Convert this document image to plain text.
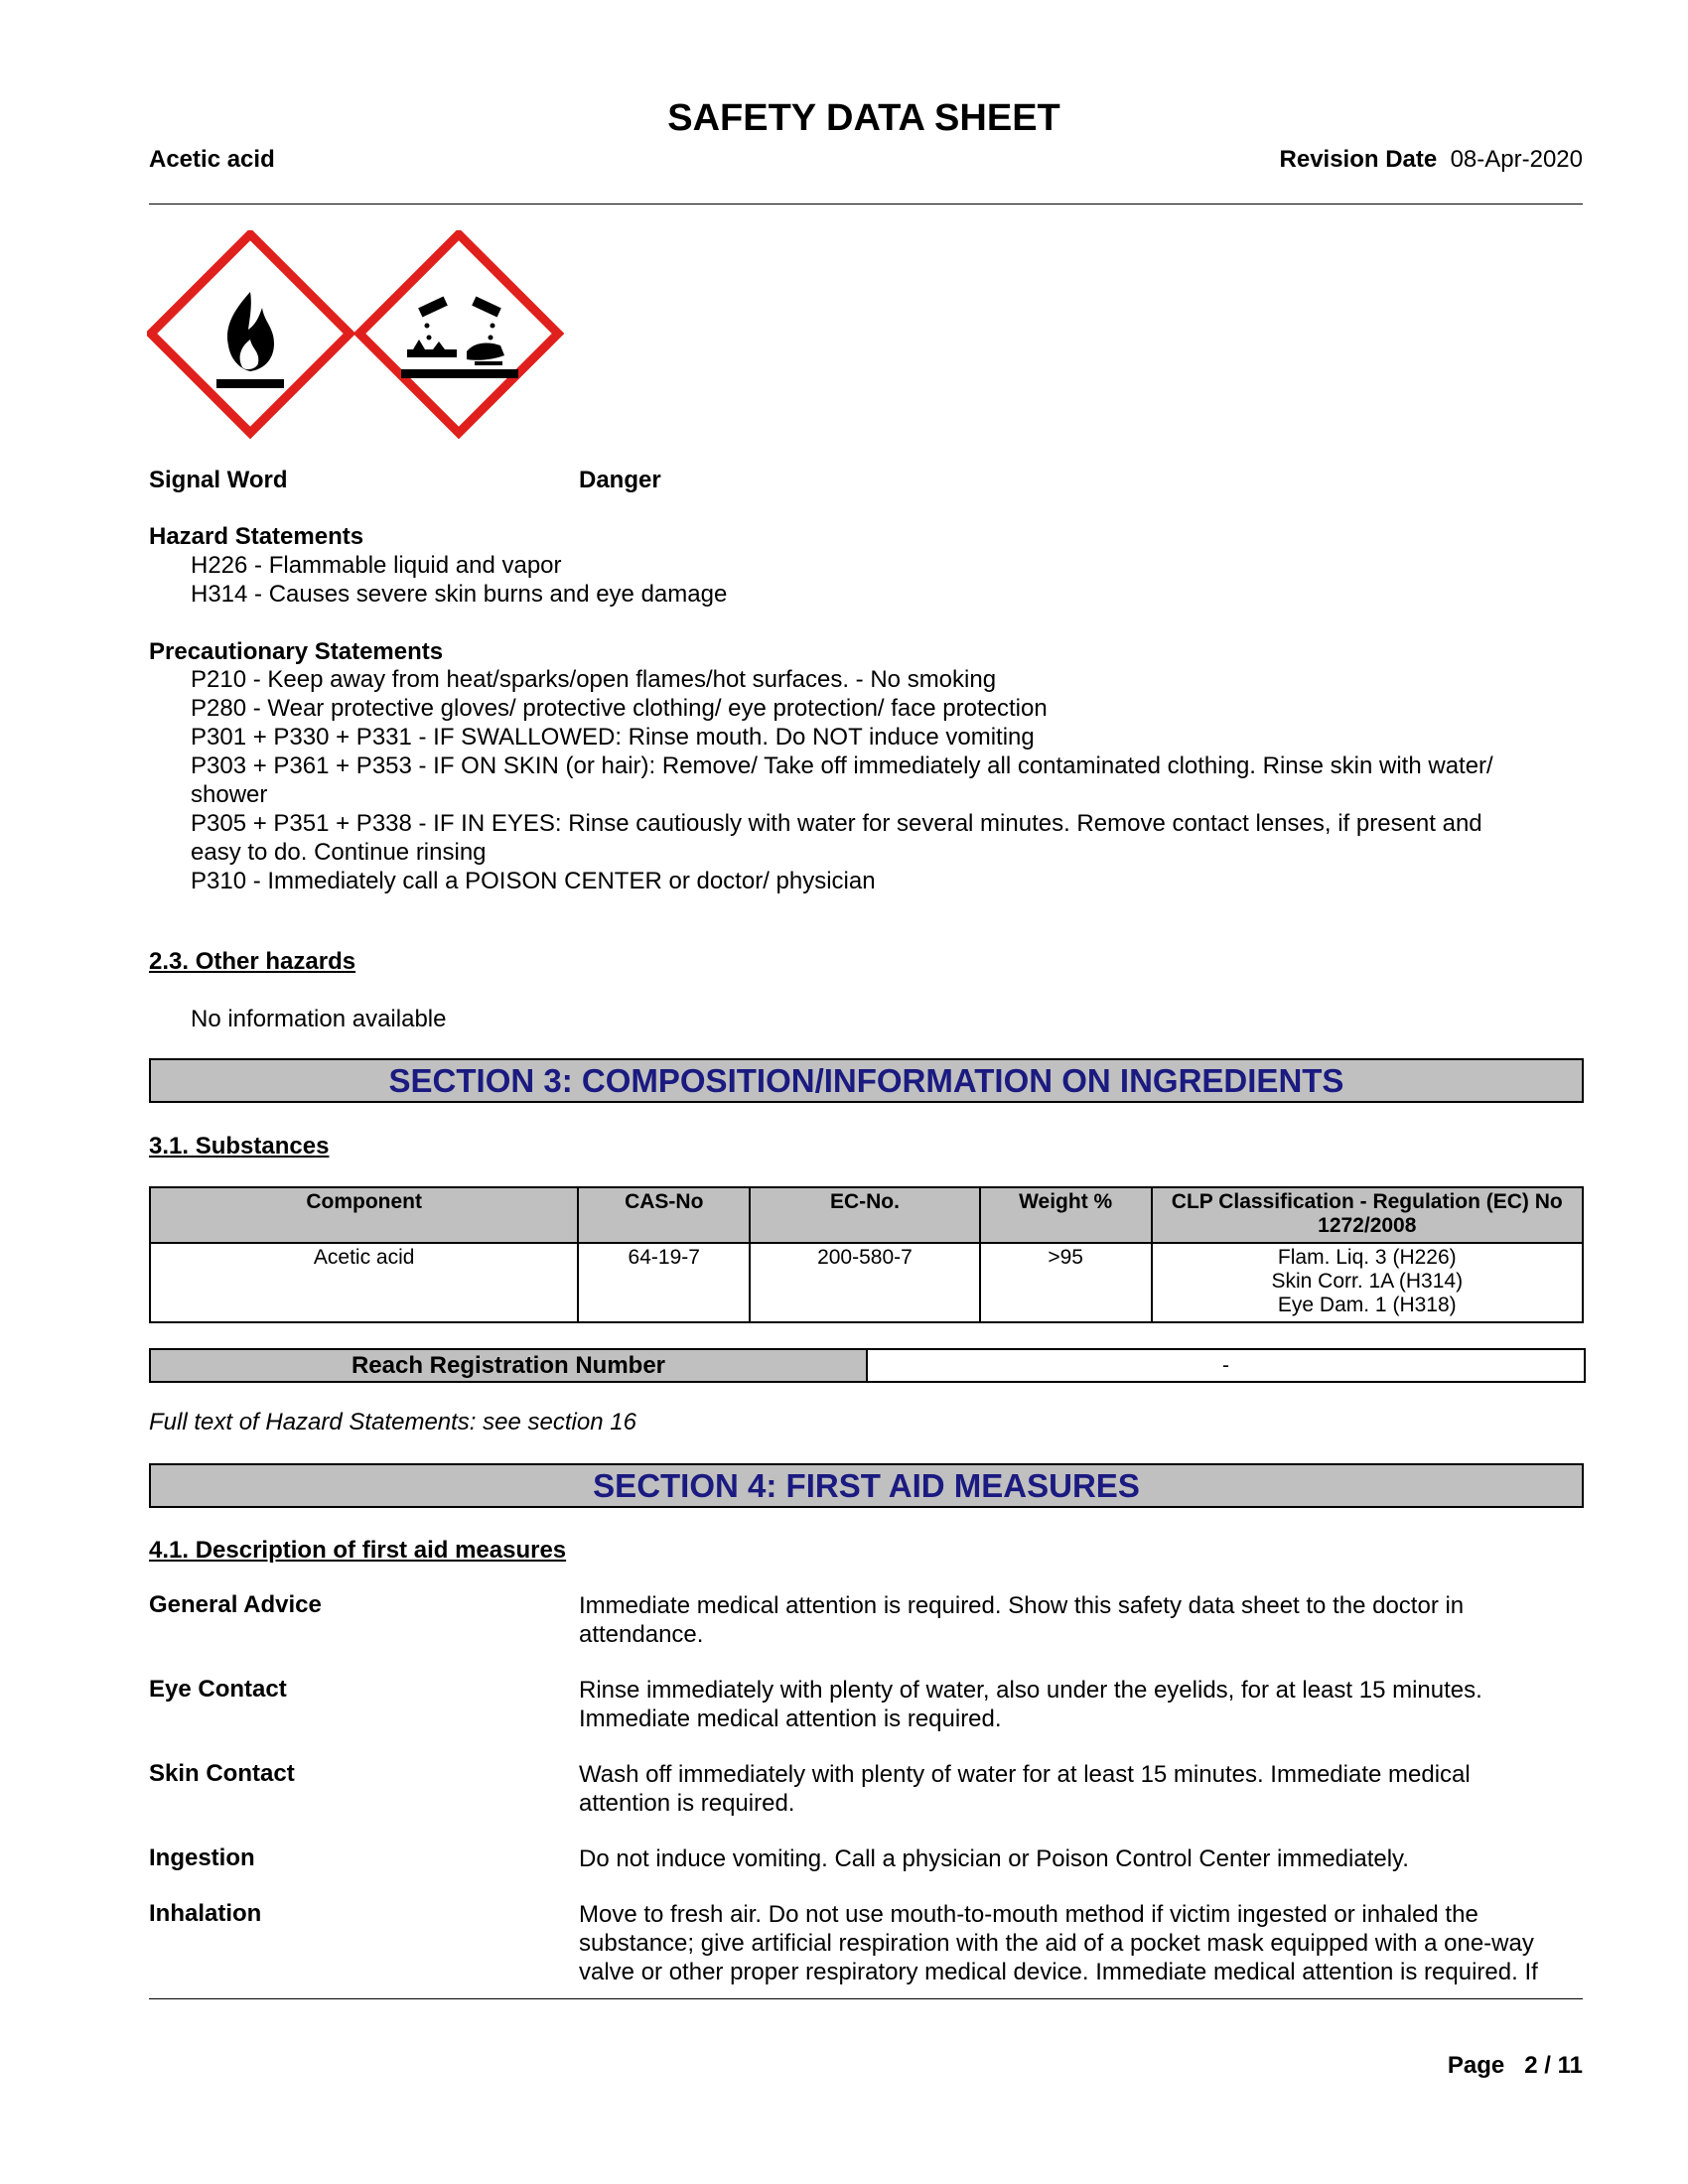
SAFETY DATA SHEET
Acetic acid	Revision Date 08-Apr-2020
Signal Word	Danger
Hazard Statements
H226 - Flammable liquid and vapor
H314 - Causes severe skin burns and eye damage
Precautionary Statements
P210 - Keep away from heat/sparks/open flames/hot surfaces. - No smoking
P280 - Wear protective gloves/ protective clothing/ eye protection/ face protection
P301 + P330 + P331 - IF SWALLOWED: Rinse mouth. Do NOT induce vomiting
P303 + P361 + P353 - IF ON SKIN (or hair): Remove/ Take off immediately all contaminated clothing. Rinse skin with water/
shower
P305 + P351 + P338 - IF IN EYES: Rinse cautiously with water for several minutes. Remove contact lenses, if present and
easy to do. Continue rinsing
P310 - Immediately call a POISON CENTER or doctor/ physician
2.3. Other hazards
No information available
SECTION 3: COMPOSITION/INFORMATION ON INGREDIENTS
3.1. Substances
Component	CAS-No	EC-No.	Weight %	CLP Classification - Regulation (EC) No 1272/2008
Acetic acid	64-19-7	200-580-7	>95	Flam. Liq. 3 (H226)
Skin Corr. 1A (H314)
Eye Dam. 1 (H318)
Reach Registration Number	-
Full text of Hazard Statements: see section 16
SECTION 4: FIRST AID MEASURES
4.1. Description of first aid measures
General Advice	Immediate medical attention is required. Show this safety data sheet to the doctor in
attendance.
Eye Contact	Rinse immediately with plenty of water, also under the eyelids, for at least 15 minutes.
Immediate medical attention is required.
Skin Contact	Wash off immediately with plenty of water for at least 15 minutes. Immediate medical
attention is required.
Ingestion	Do not induce vomiting. Call a physician or Poison Control Center immediately.
Inhalation	Move to fresh air. Do not use mouth-to-mouth method if victim ingested or inhaled the
substance; give artificial respiration with the aid of a pocket mask equipped with a one-way
valve or other proper respiratory medical device. Immediate medical attention is required. If
Page 2 / 11
